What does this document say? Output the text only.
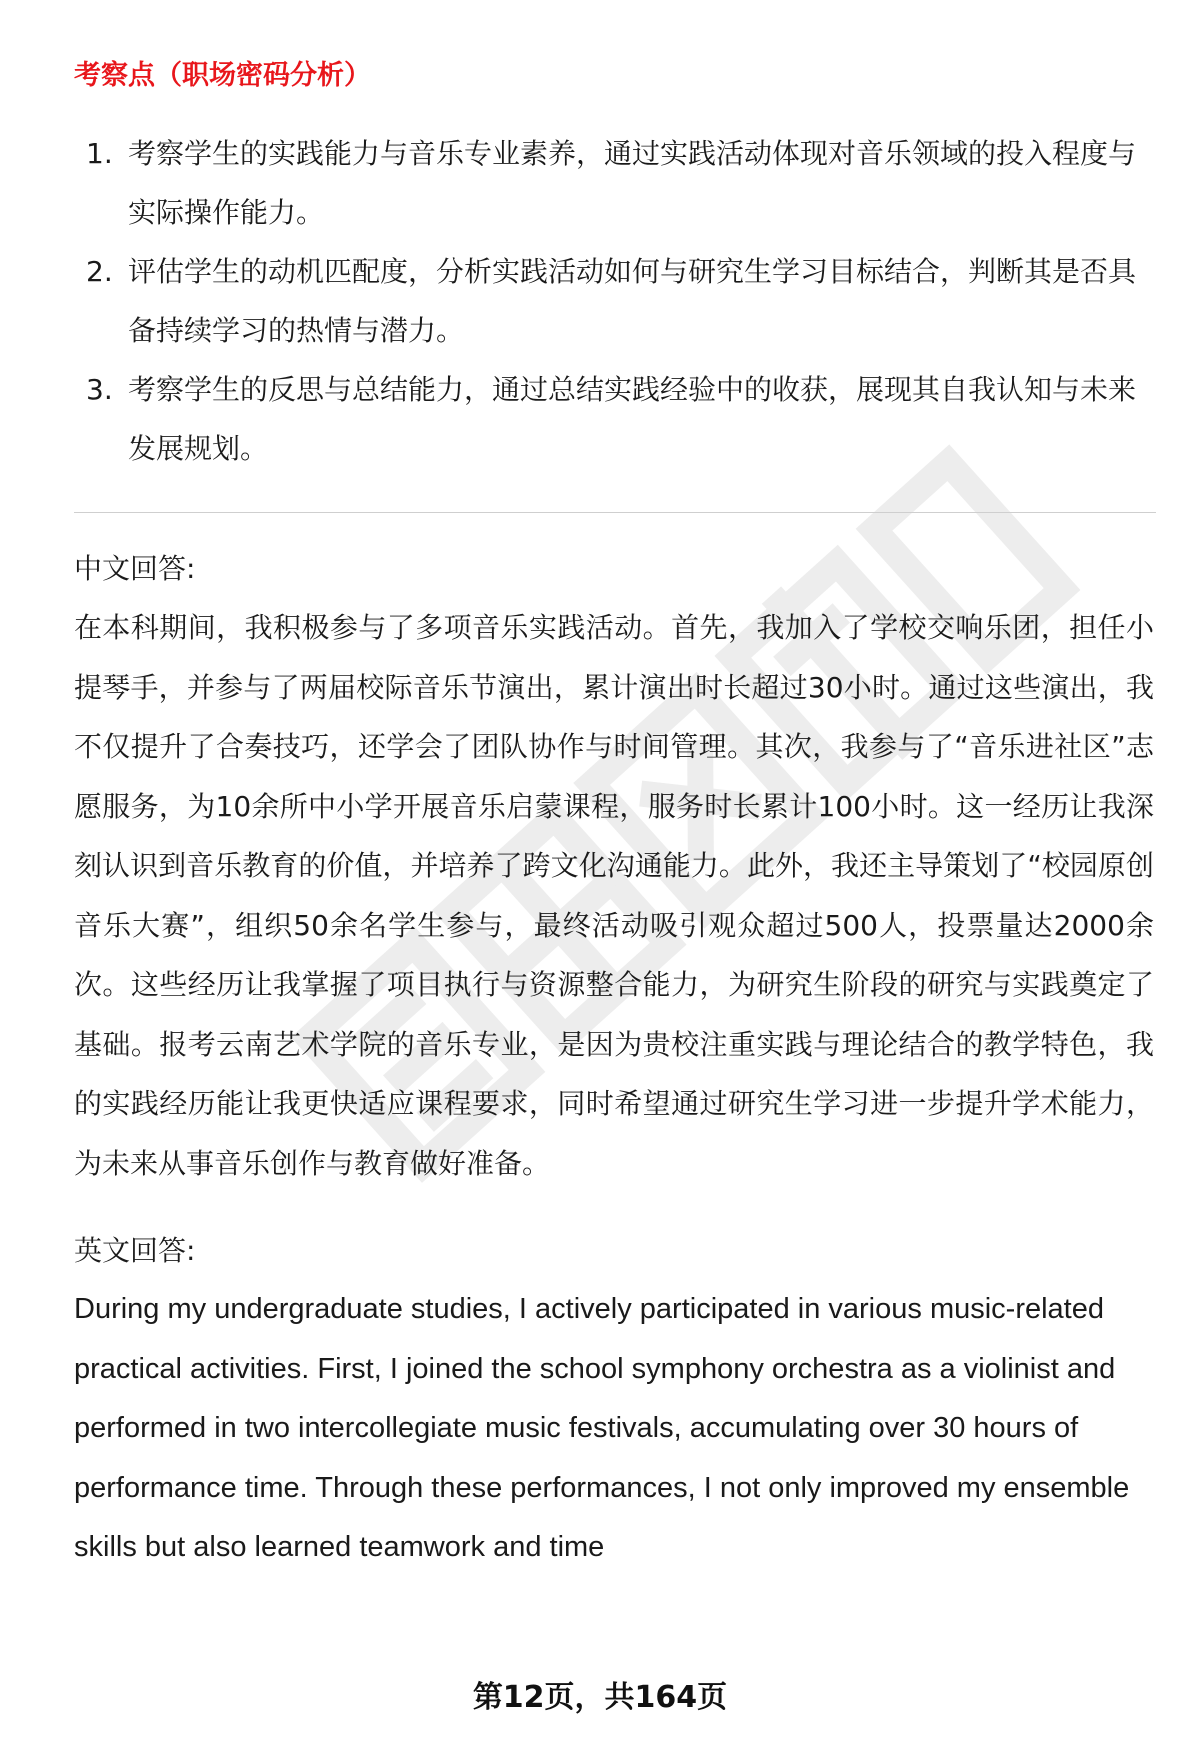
考察点（职场密码分析）
1. 考察学生的实践能力与音乐专业素养，通过实践活动体现对音乐领域的投入程度与实际操作能力。
2. 评估学生的动机匹配度，分析实践活动如何与研究生学习目标结合，判断其是否具备持续学习的热情与潜力。
3. 考察学生的反思与总结能力，通过总结实践经验中的收获，展现其自我认知与未来发展规划。

中文回答:

在本科期间，我积极参与了多项音乐实践活动。首先，我加入了学校交响乐团，担任小提琴手，并参与了两届校际音乐节演出，累计演出时长超过30小时。通过这些演出，我不仅提升了合奏技巧，还学会了团队协作与时间管理。其次，我参与了“音乐进社区”志愿服务，为10余所中小学开展音乐启蒙课程，服务时长累计100小时。这一经历让我深刻认识到音乐教育的价值，并培养了跨文化沟通能力。此外，我还主导策划了“校园原创音乐大赛”，组织50余名学生参与，最终活动吸引观众超过500人，投票量达2000余次。这些经历让我掌握了项目执行与资源整合能力，为研究生阶段的研究与实践奠定了基础。报考云南艺术学院的音乐专业，是因为贵校注重实践与理论结合的教学特色，我的实践经历能让我更快适应课程要求，同时希望通过研究生学习进一步提升学术能力，为未来从事音乐创作与教育做好准备。

英文回答:

During my undergraduate studies, I actively participated in various music-related practical activities. First, I joined the school symphony orchestra as a violinist and performed in two intercollegiate music festivals, accumulating over 30 hours of performance time. Through these performances, I not only improved my ensemble skills but also learned teamwork and time

第12页，共164页
